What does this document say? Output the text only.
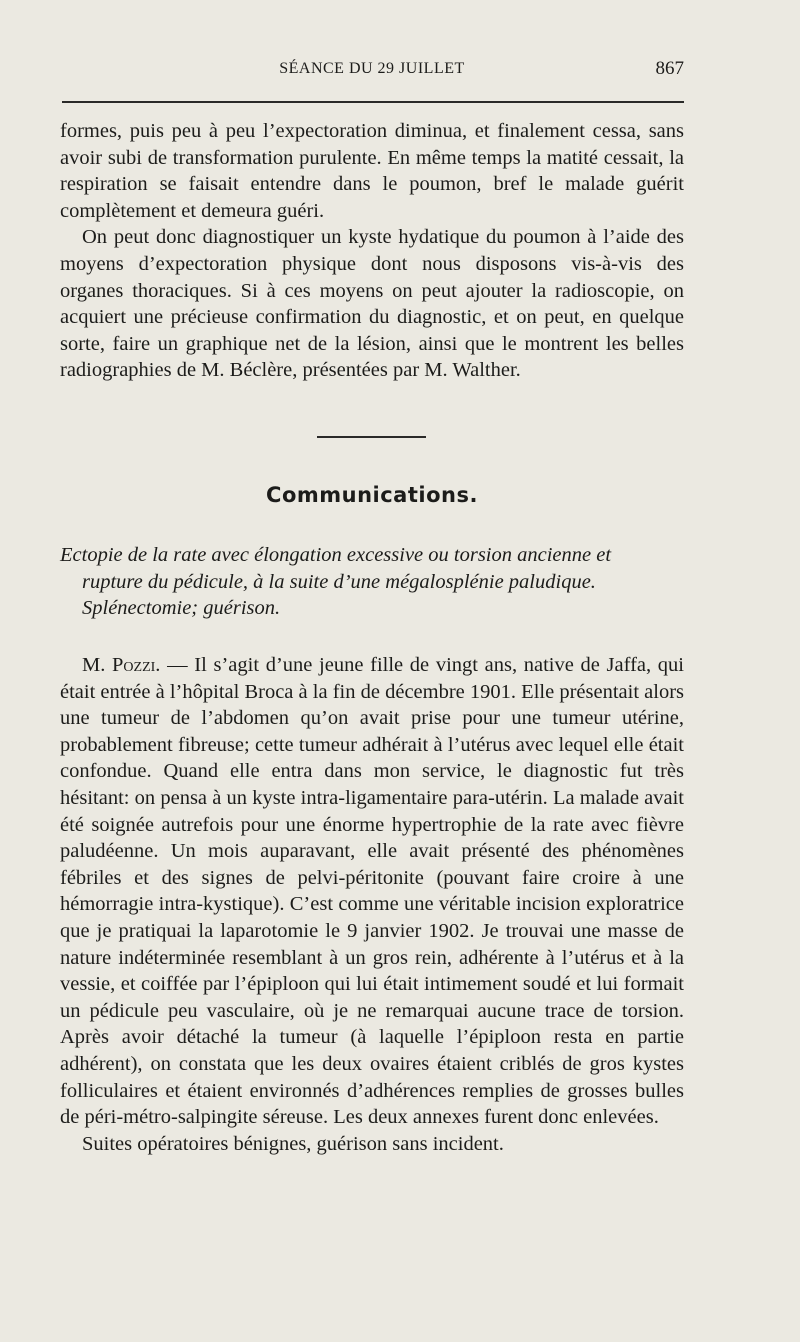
SÉANCE DU 29 JUILLET	867

formes, puis peu à peu l’expectoration diminua, et finalement cessa, sans avoir subi de transformation purulente. En même temps la matité cessait, la respiration se faisait entendre dans le poumon, bref le malade guérit complètement et demeura guéri.

On peut donc diagnostiquer un kyste hydatique du poumon à l’aide des moyens d’expectoration physique dont nous disposons vis-à-vis des organes thoraciques. Si à ces moyens on peut ajouter la radioscopie, on acquiert une précieuse confirmation du diagnostic, et on peut, en quelque sorte, faire un graphique net de la lésion, ainsi que le montrent les belles radiographies de M. Béclère, présentées par M. Walther.

Communications.
Ectopie de la rate avec élongation excessive ou torsion ancienne et
rupture du pédicule, à la suite d’une mégalosplénie paludique.
Splénectomie; guérison.

M. Pozzi. — Il s’agit d’une jeune fille de vingt ans, native de Jaffa, qui était entrée à l’hôpital Broca à la fin de décembre 1901. Elle présentait alors une tumeur de l’abdomen qu’on avait prise pour une tumeur utérine, probablement fibreuse; cette tumeur adhérait à l’utérus avec lequel elle était confondue. Quand elle entra dans mon service, le diagnostic fut très hésitant: on pensa à un kyste intra-ligamentaire para-utérin. La malade avait été soignée autrefois pour une énorme hypertrophie de la rate avec fièvre paludéenne. Un mois auparavant, elle avait présenté des phénomènes fébriles et des signes de pelvi-péritonite (pouvant faire croire à une hémorragie intra-kystique). C’est comme une véritable incision exploratrice que je pratiquai la laparotomie le 9 janvier 1902. Je trouvai une masse de nature indéterminée resemblant à un gros rein, adhérente à l’utérus et à la vessie, et coiffée par l’épiploon qui lui était intimement soudé et lui formait un pédicule peu vasculaire, où je ne remarquai aucune trace de torsion. Après avoir détaché la tumeur (à laquelle l’épiploon resta en partie adhérent), on constata que les deux ovaires étaient criblés de gros kystes folliculaires et étaient environnés d’adhérences remplies de grosses bulles de péri-métro-salpingite séreuse. Les deux annexes furent donc enlevées.

Suites opératoires bénignes, guérison sans incident.
